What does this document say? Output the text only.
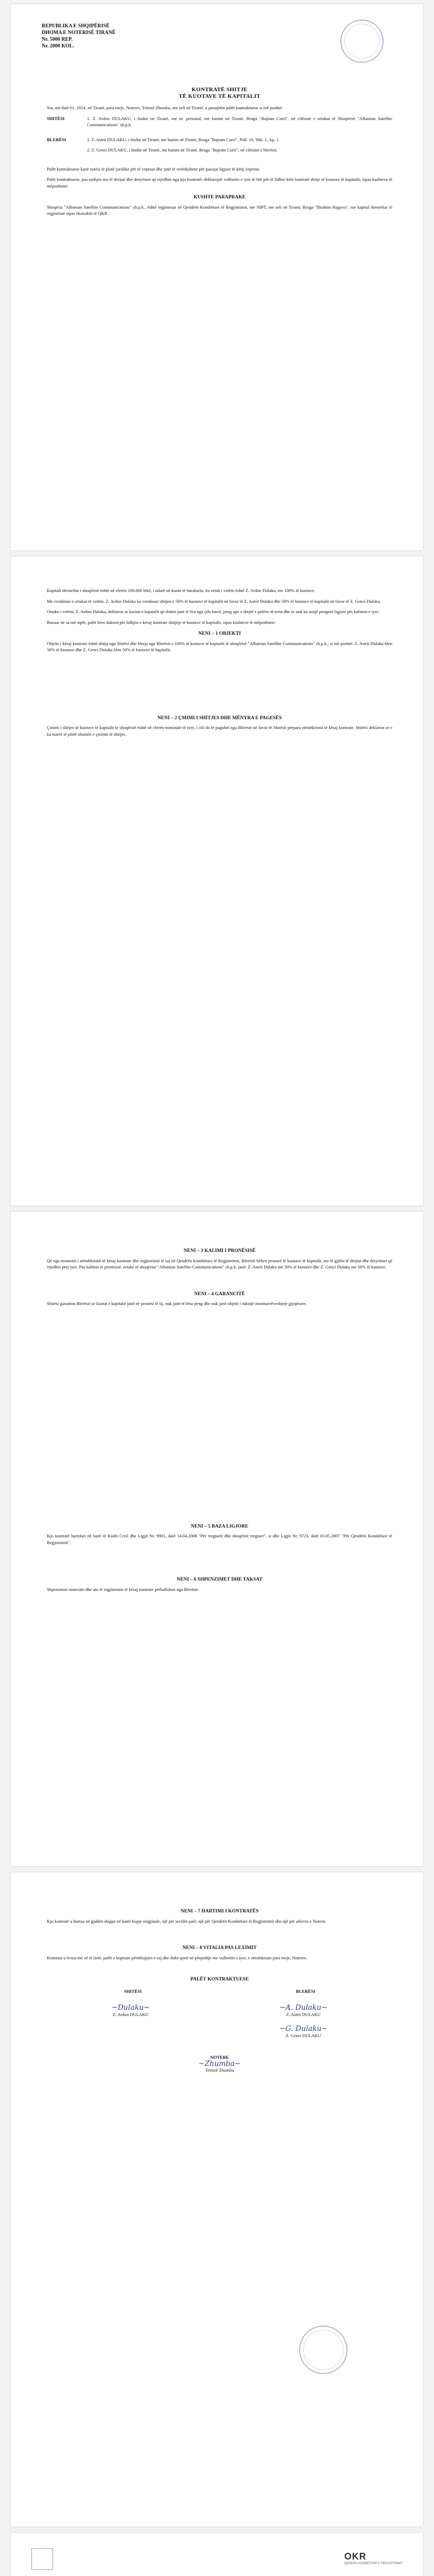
REPUBLIKA E SHQIPËRISË
DHOMA E NOTERISË TIRANË
Nr. 5000 REP.
Nr. 2000 KOL.
KONTRATË SHITJE
TË KUOTAVE TË KAPITALIT

Sot, më datë 01. 2014, në Tiranë, para meje, Noteres, Trimzë Zhumba, me seli në Tiranë, u paraqitën palët kontraktuese si më poshtë:

SHITËSI	1. Z. Ardon DULAKU, i lindur në Tiranë, me nr. personal, me banim në Tiranë, Rruga "Bajram Curri", në cilësinë e ortakut të Shoqërisë "Albanian Satellite Communications" sh.p.k.

BLERËSI	1. Z. Astrit DULAKU, i lindur në Tiranë, me banim në Tiranë, Rruga "Bajram Curri", Pall. 10, Shk. 1, Ap. 1.

2. Z. Genci DULAKU, i lindur në Tiranë, me banim në Tiranë, Rruga "Bajram Curri", në cilësinë e blerësit.

Palët kontraktuese kanë zotësi të plotë juridike për të vepruar dhe janë të vetëdijshme për pasojat ligjore të këtij veprimi.

Palët kontraktuese, pas njohjes me të drejtat dhe detyrimet që rrjedhin nga kjo kontratë, deklarojnë vullnetin e tyre të lirë për të lidhur këtë kontratë shitje të kuotave të kapitalit, sipas kushteve të mëposhtme:

KUSHTE PARAPRAKE

Shoqëria "Albanian Satellite Communications" sh.p.k., është regjistruar në Qendrën Kombëtare të Regjistrimit, me NIPT, me seli në Tiranë, Rruga "Ibrahim Rugova", me kapital themeltar të regjistruar sipas ekstraktit të QKR.

Kapitali themeltar i shoqërisë është në vlerën 100.000 lekë, i ndarë në kuota të barabarta, ku ortak i vetëm është Z. Ardon Dulaku, me 100% të kuotave.

Me vendimin e ortakut të vetëm, Z. Ardon Dulaku ka vendosur shitjen e 50% të kuotave të kapitalit në favor të Z. Astrit Dulaku dhe 50% të kuotave të kapitalit në favor të Z. Genci Dulaku.

Ortaku i vetëm, Z. Ardon Dulaku, deklaron se kuotat e kapitalit që shiten janë të lira nga çdo barrë, peng apo e drejtë e palëve të treta dhe se nuk ka asnjë pengesë ligjore për kalimin e tyre.

Bazuar në sa më sipër, palët bien dakord për lidhjen e kësaj kontrate shitjeje të kuotave të kapitalit, sipas kushteve të mëposhtme:

NENI – 1 OBJEKTI

Objekt i kësaj kontrate është shitja nga Shitësi dhe blerja nga Blerësit e 100% të kuotave të kapitalit të shoqërisë "Albanian Satellite Communications" sh.p.k., si më poshtë: Z. Astrit Dulaku blen 50% të kuotave dhe Z. Genci Dulaku blen 50% të kuotave të kapitalit.

NENI – 2 ÇMIMI I SHITJES DHE MËNYRA E PAGESËS

Çmimi i shitjes së kuotave të kapitalit të shoqërisë është në vlerën nominale të tyre, i cili do të paguhet nga Blerësit në favor të Shitësit përpara nënshkrimit të kësaj kontrate. Shitësi deklaron se e ka marrë të plotë shumën e çmimit të shitjes.

NENI – 3 KALIMI I PRONËSISË

Që nga momenti i nënshkrimit të kësaj kontrate dhe regjistrimit të saj në Qendrën Kombëtare të Regjistrimit, Blerësit bëhen pronarë të kuotave të kapitalit, me të gjitha të drejtat dhe detyrimet që rrjedhin prej tyre. Pas kalimit të pronësisë, ortakë të shoqërisë "Albanian Satellite Communications" sh.p.k. janë: Z. Astrit Dulaku me 50% të kuotave dhe Z. Genci Dulaku me 50% të kuotave.

NENI – 4 GARANCITË

Shitësi garanton Blerësit se kuotat e kapitalit janë në pronësi të tij, nuk janë të lëna peng dhe nuk janë objekt i ndonjë mosmarrëveshjeje gjyqësore.

NENI – 5 BAZA LIGJORE

Kjo kontratë hartohet në bazë të Kodit Civil dhe Ligjit Nr. 9901, datë 14.04.2008 "Për tregtarët dhe shoqëritë tregtare", si dhe Ligjit Nr. 9723, datë 03.05.2007 "Për Qendrën Kombëtare të Regjistrimit".

NENI – 6 SHPENZIMET DHE TAKSAT

Shpenzimet noteriale dhe ato të regjistrimit të kësaj kontrate përballohen nga Blerësit.

NENI – 7 HARTIMI I KONTRATËS

Kjo kontratë u hartua në gjuhën shqipe në katër kopje origjinale, një për secilën palë, një për Qendrën Kombëtare të Regjistrimit dhe një për arkivin e Noterit.

NENI – 8 VITALIA PAS LEXIMIT

Kontrata u lexua me zë të lartë, palët e kuptuan përmbajtjen e saj dhe duke qenë në përputhje me vullnetin e tyre, e nënshkruan para meje, Noteres.

PALËT KONTRAKTUESE
SHITËSI	BLERËSI
~Dulaku~
Z. Ardon DULAKU
~A. Dulaku~
Z. Astrit DULAKU
~G. Dulaku~
Z. Genci DULAKU
NOTERE
~Zhumba~
Trimzë Zhumba
OKR
QENDRA KOMBËTARE E REGJISTRIMIT
